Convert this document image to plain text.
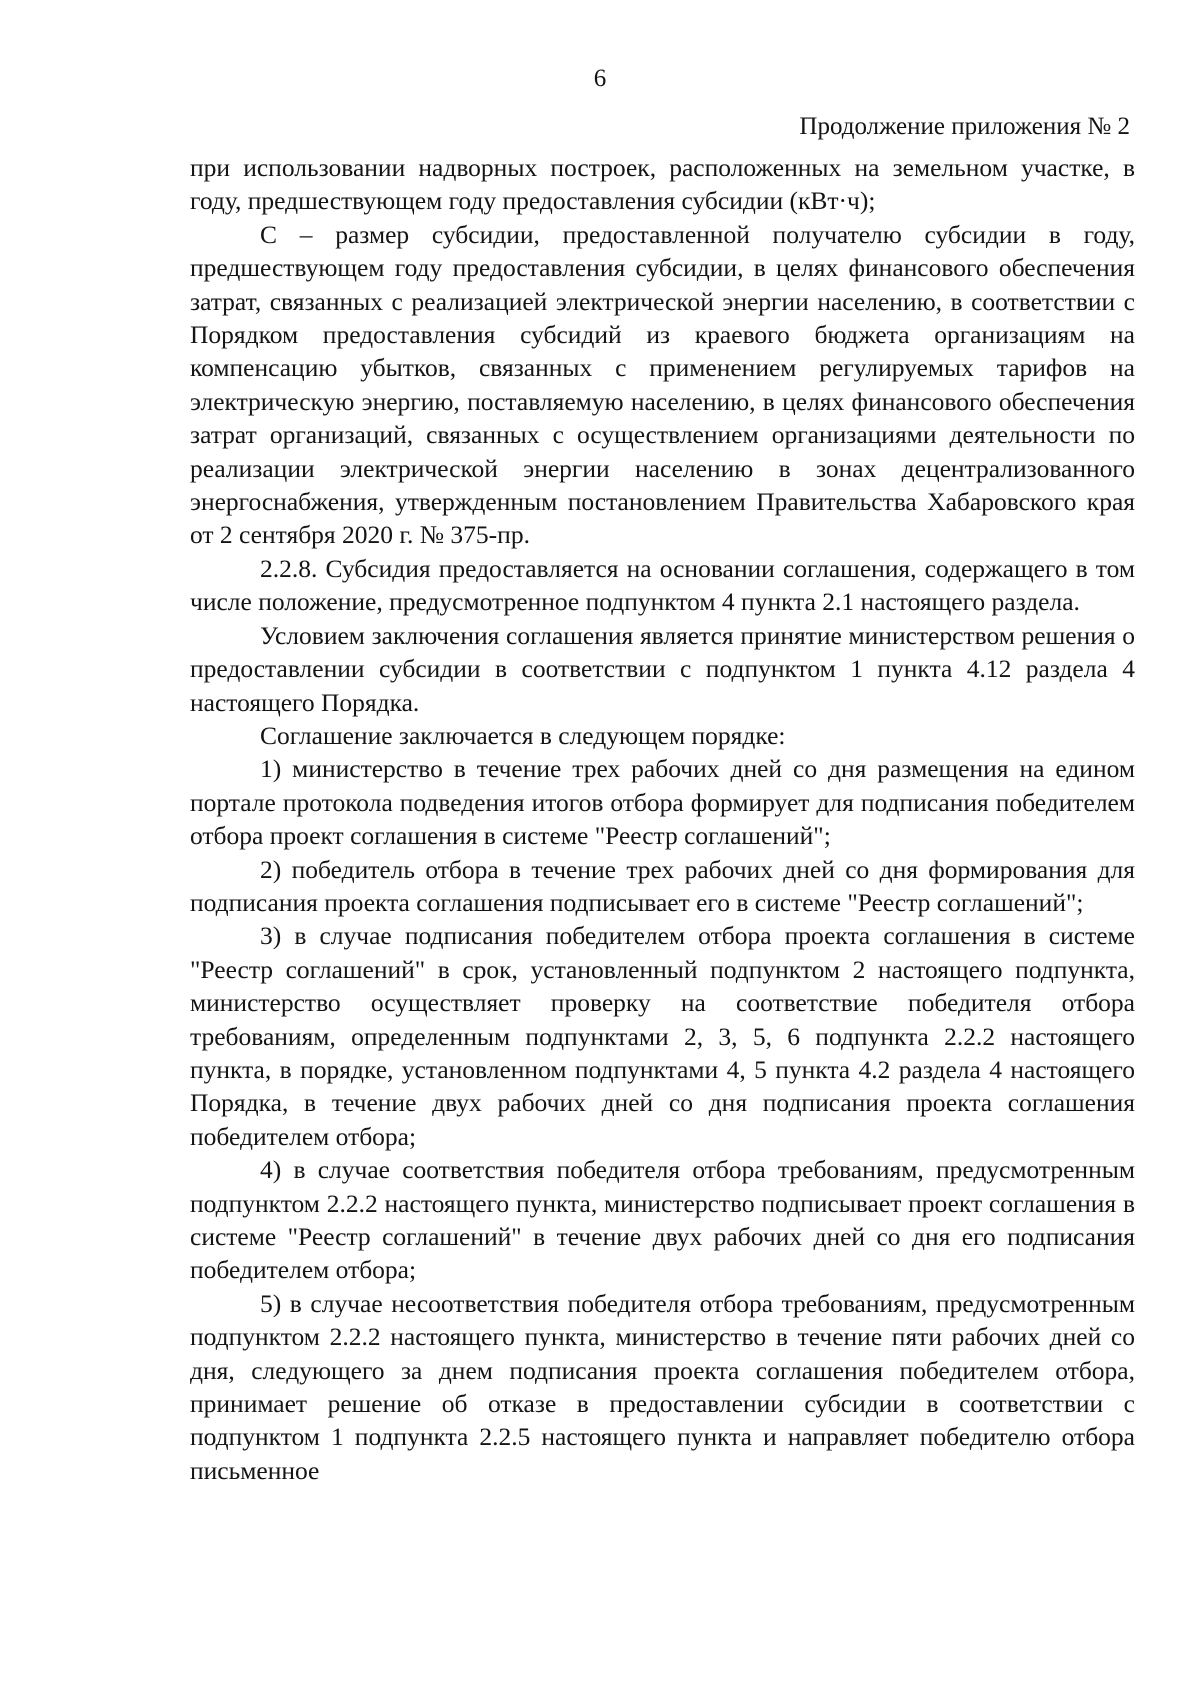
6
Продолжение приложения № 2

при использовании надворных построек, расположенных на земельном участке, в году, предшествующем году предоставления субсидии (кВт·ч);

С – размер субсидии, предоставленной получателю субсидии в году, предшествующем году предоставления субсидии, в целях финансового обеспечения затрат, связанных с реализацией электрической энергии населению, в соответствии с Порядком предоставления субсидий из краевого бюджета организациям на компенсацию убытков, связанных с применением регулируемых тарифов на электрическую энергию, поставляемую населению, в целях финансового обеспечения затрат организаций, связанных с осуществлением организациями деятельности по реализации электрической энергии населению в зонах децентрализованного энергоснабжения, утвержденным постановлением Правительства Хабаровского края от 2 сентября 2020 г. № 375-пр.

2.2.8. Субсидия предоставляется на основании соглашения, содержащего в том числе положение, предусмотренное подпунктом 4 пункта 2.1 настоящего раздела.

Условием заключения соглашения является принятие министерством решения о предоставлении субсидии в соответствии с подпунктом 1 пункта 4.12 раздела 4 настоящего Порядка.

Соглашение заключается в следующем порядке:

1) министерство в течение трех рабочих дней со дня размещения на едином портале протокола подведения итогов отбора формирует для подписания победителем отбора проект соглашения в системе "Реестр соглашений";

2) победитель отбора в течение трех рабочих дней со дня формирования для подписания проекта соглашения подписывает его в системе "Реестр соглашений";

3) в случае подписания победителем отбора проекта соглашения в системе "Реестр соглашений" в срок, установленный подпунктом 2 настоящего подпункта, министерство осуществляет проверку на соответствие победителя отбора требованиям, определенным подпунктами 2, 3, 5, 6 подпункта 2.2.2 настоящего пункта, в порядке, установленном подпунктами 4, 5 пункта 4.2 раздела 4 настоящего Порядка, в течение двух рабочих дней со дня подписания проекта соглашения победителем отбора;

4) в случае соответствия победителя отбора требованиям, предусмотренным подпунктом 2.2.2 настоящего пункта, министерство подписывает проект соглашения в системе "Реестр соглашений" в течение двух рабочих дней со дня его подписания победителем отбора;

5) в случае несоответствия победителя отбора требованиям, предусмотренным подпунктом 2.2.2 настоящего пункта, министерство в течение пяти рабочих дней со дня, следующего за днем подписания проекта соглашения победителем отбора, принимает решение об отказе в предоставлении субсидии в соответствии с подпунктом 1 подпункта 2.2.5 настоящего пункта и направляет победителю отбора письменное
